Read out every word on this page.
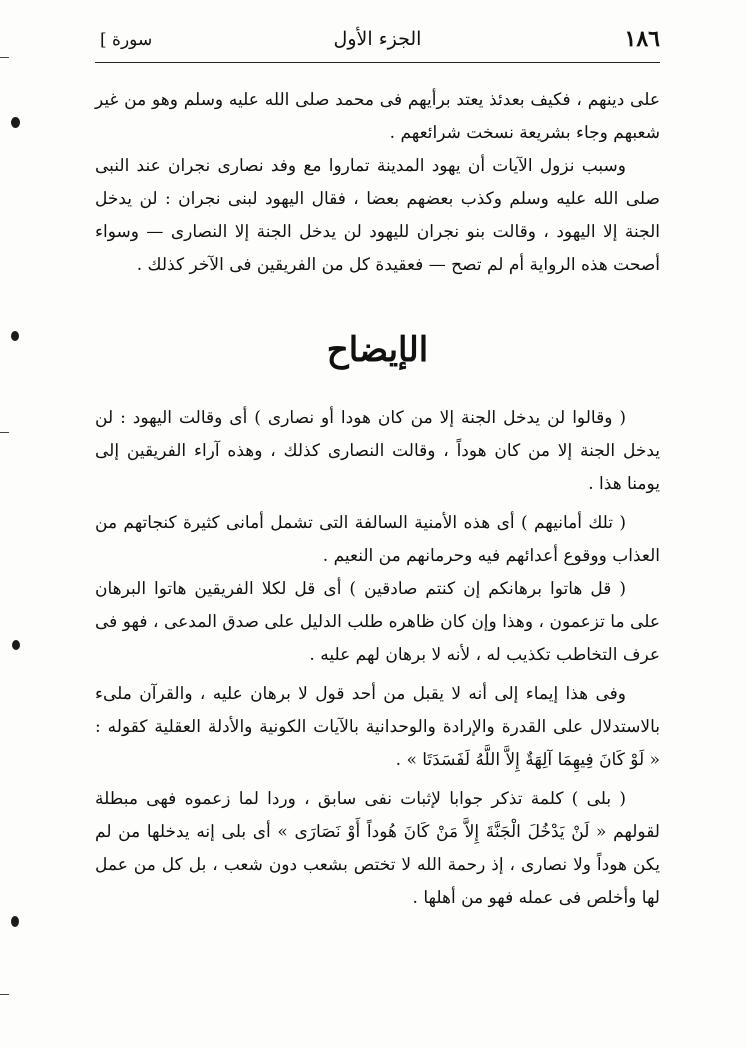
١٨٦
الجزء الأول
[ سورة

على دينهم ، فكيف بعدئذ يعتد برأيهم فى محمد صلى الله عليه وسلم وهو من غير شعبهم وجاء بشريعة نسخت شرائعهم .

وسبب نزول الآيات أن يهود المدينة تماروا مع وفد نصارى نجران عند النبى صلى الله عليه وسلم وكذب بعضهم بعضا ، فقال اليهود لبنى نجران : لن يدخل الجنة إلا اليهود ، وقالت بنو نجران لليهود لن يدخل الجنة إلا النصارى — وسواء أصحت هذه الرواية أم لم تصح — فعقيدة كل من الفريقين فى الآخر كذلك .

الإيضاح

( وقالوا لن يدخل الجنة إلا من كان هودا أو نصارى ) أى وقالت اليهود : لن يدخل الجنة إلا من كان هوداً ، وقالت النصارى كذلك ، وهذه آراء الفريقين إلى يومنا هذا .

( تلك أمانيهم ) أى هذه الأمنية السالفة التى تشمل أمانى كثيرة كنجاتهم من العذاب ووقوع أعدائهم فيه وحرمانهم من النعيم .

( قل هاتوا برهانكم إن كنتم صادقين ) أى قل لكلا الفريقين هاتوا البرهان على ما تزعمون ، وهذا وإن كان ظاهره طلب الدليل على صدق المدعى ، فهو فى عرف التخاطب تكذيب له ، لأنه لا برهان لهم عليه .

وفى هذا إيماء إلى أنه لا يقبل من أحد قول لا برهان عليه ، والقرآن ملىء بالاستدلال على القدرة والإرادة والوحدانية بالآيات الكونية والأدلة العقلية كقوله : « لَوْ كَانَ فِيهِمَا آلِهَةٌ إِلاَّ اللَّهُ لَفَسَدَتَا » .

( بلى ) كلمة تذكر جوابا لإثبات نفى سابق ، وردا لما زعموه فهى مبطلة لقولهم « لَنْ يَدْخُلَ الْجَنَّةَ إِلاَّ مَنْ كَانَ هُوداً أَوْ نَصَارَى » أى بلى إنه يدخلها من لم يكن هوداً ولا نصارى ، إذ رحمة الله لا تختص بشعب دون شعب ، بل كل من عمل لها وأخلص فى عمله فهو من أهلها .
